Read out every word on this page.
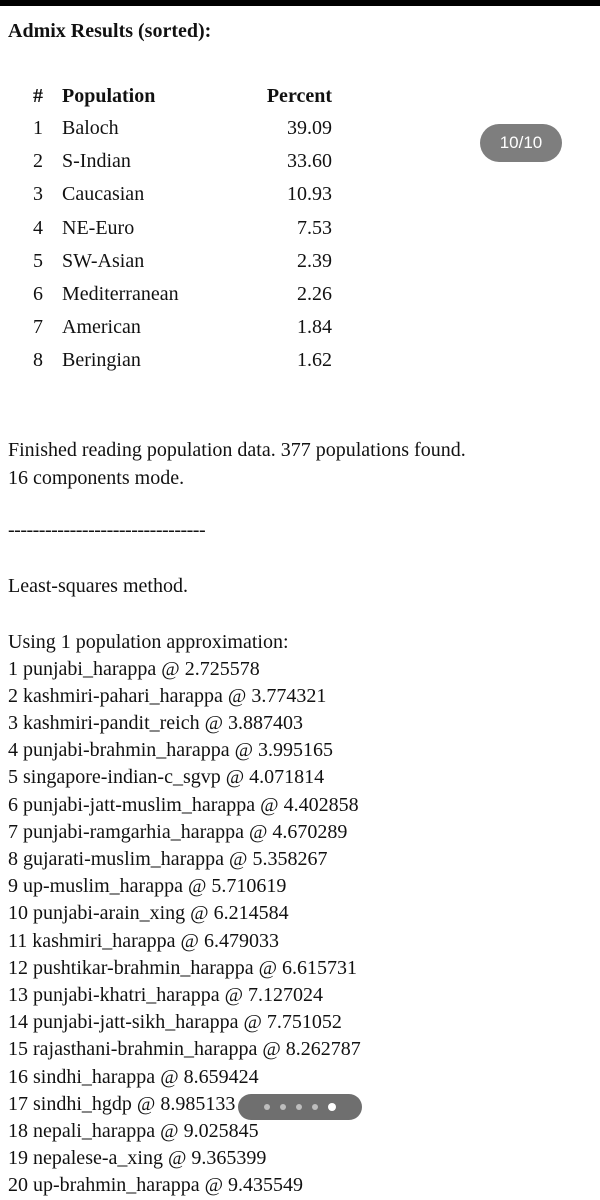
Admix Results (sorted):
#	Population	Percent
1	Baloch	39.09
2	S-Indian	33.60
3	Caucasian	10.93
4	NE-Euro	7.53
5	SW-Asian	2.39
6	Mediterranean	2.26
7	American	1.84
8	Beringian	1.62
Finished reading population data. 377 populations found.
16 components mode.
--------------------------------
Least-squares method.
Using 1 population approximation:
1 punjabi_harappa @ 2.725578
2 kashmiri-pahari_harappa @ 3.774321
3 kashmiri-pandit_reich @ 3.887403
4 punjabi-brahmin_harappa @ 3.995165
5 singapore-indian-c_sgvp @ 4.071814
6 punjabi-jatt-muslim_harappa @ 4.402858
7 punjabi-ramgarhia_harappa @ 4.670289
8 gujarati-muslim_harappa @ 5.358267
9 up-muslim_harappa @ 5.710619
10 punjabi-arain_xing @ 6.214584
11 kashmiri_harappa @ 6.479033
12 pushtikar-brahmin_harappa @ 6.615731
13 punjabi-khatri_harappa @ 7.127024
14 punjabi-jatt-sikh_harappa @ 7.751052
15 rajasthani-brahmin_harappa @ 8.262787
16 sindhi_harappa @ 8.659424
17 sindhi_hgdp @ 8.985133
18 nepali_harappa @ 9.025845
19 nepalese-a_xing @ 9.365399
20 up-brahmin_harappa @ 9.435549
10/10
